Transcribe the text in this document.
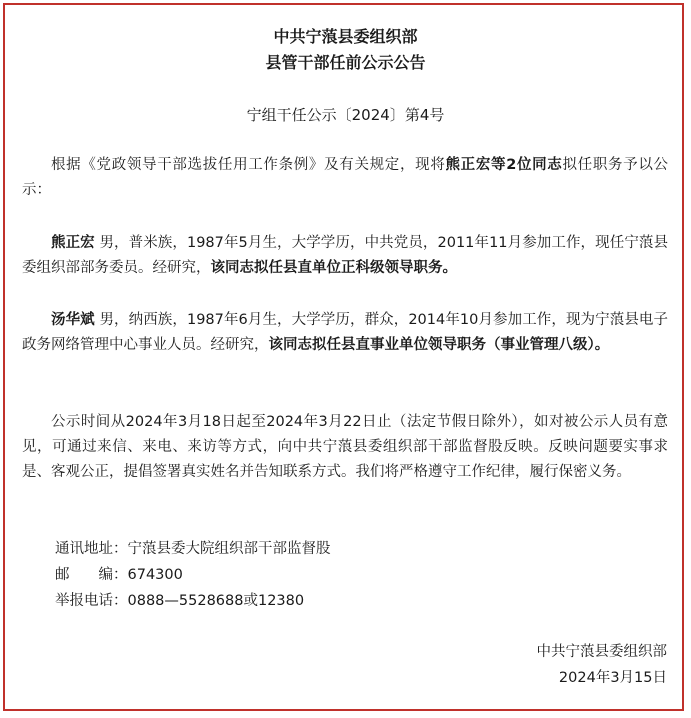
中共宁蒗县委组织部
县管干部任前公示公告
宁组干任公示〔2024〕第4号
根据《党政领导干部选拔任用工作条例》及有关规定，现将熊正宏等2位同志拟任职务予以公示：
熊正宏 男，普米族，1987年5月生，大学学历，中共党员，2011年11月参加工作，现任宁蒗县委组织部部务委员。经研究，该同志拟任县直单位正科级领导职务。
汤华斌 男，纳西族，1987年6月生，大学学历，群众，2014年10月参加工作，现为宁蒗县电子政务网络管理中心事业人员。经研究，该同志拟任县直事业单位领导职务（事业管理八级）。
公示时间从2024年3月18日起至2024年3月22日止（法定节假日除外），如对被公示人员有意见，可通过来信、来电、来访等方式，向中共宁蒗县委组织部干部监督股反映。反映问题要实事求是、客观公正，提倡签署真实姓名并告知联系方式。我们将严格遵守工作纪律，履行保密义务。
通讯地址：宁蒗县委大院组织部干部监督股
邮　　编：674300
举报电话：0888—5528688或12380
中共宁蒗县委组织部
2024年3月15日
